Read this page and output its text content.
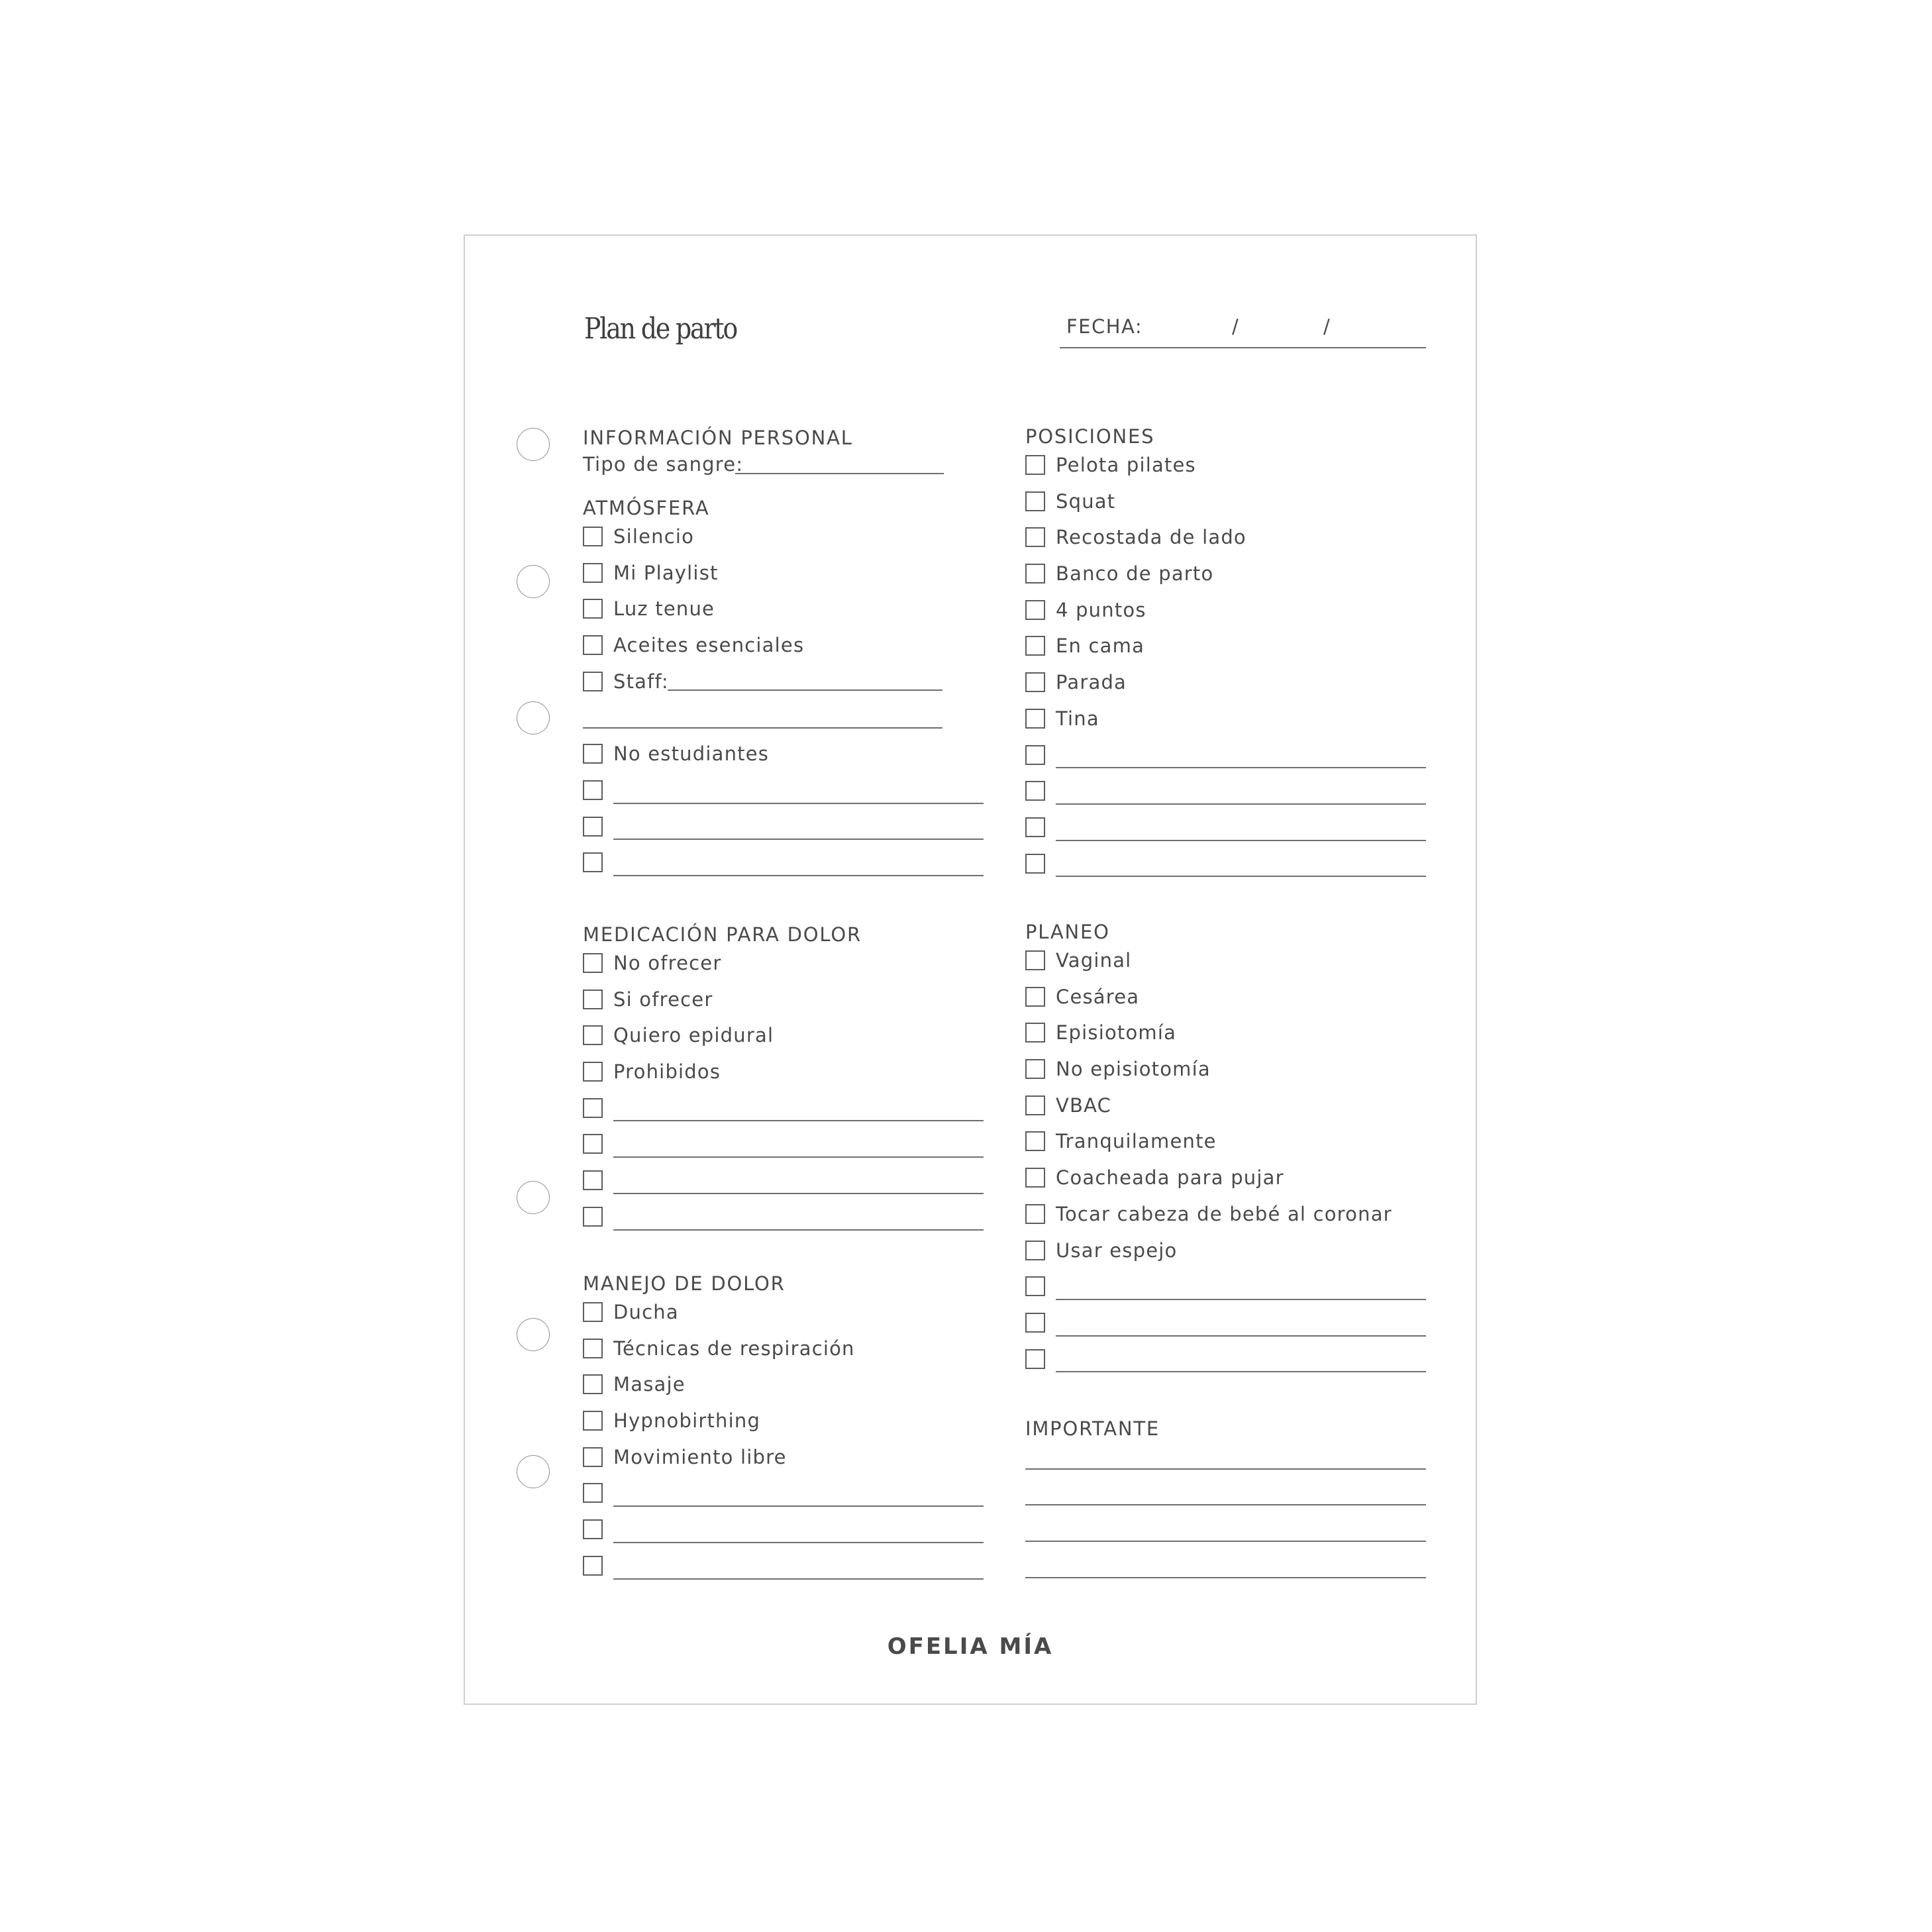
Plan de parto	FECHA:	/	/
INFORMACIÓN PERSONAL
Tipo de sangre:
ATMÓSFERA
Silencio
Mi Playlist
Luz tenue
Aceites esenciales
Staff:
No estudiantes
MEDICACIÓN PARA DOLOR
No ofrecer
Si ofrecer
Quiero epidural
Prohibidos
MANEJO DE DOLOR
Ducha
Técnicas de respiración
Masaje
Hypnobirthing
Movimiento libre
POSICIONES
Pelota pilates
Squat
Recostada de lado
Banco de parto
4 puntos
En cama
Parada
Tina
PLANEO
Vaginal
Cesárea
Episiotomía
No episiotomía
VBAC
Tranquilamente
Coacheada para pujar
Tocar cabeza de bebé al coronar
Usar espejo
IMPORTANTE
OFELIA MÍA
